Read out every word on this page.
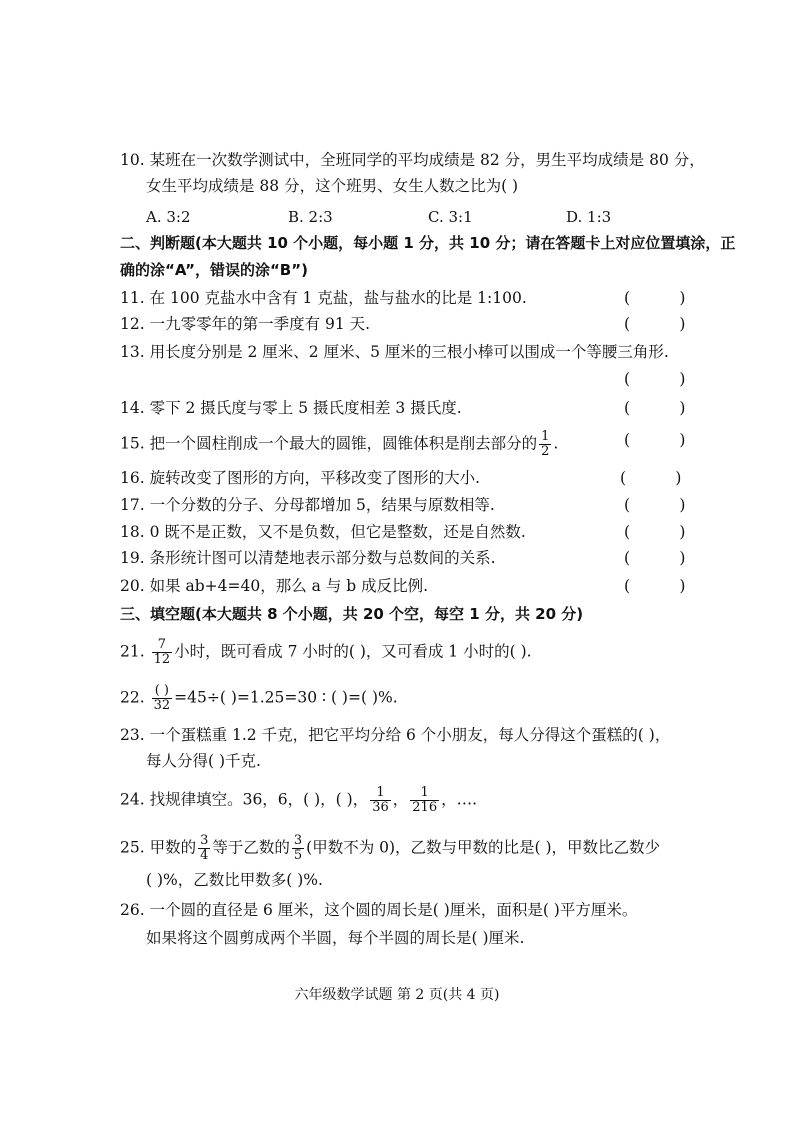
10. 某班在一次数学测试中，全班同学的平均成绩是 82 分，男生平均成绩是 80 分，
女生平均成绩是 88 分，这个班男、女生人数之比为( )
A. 3:2	B. 2:3	C. 3:1	D. 1:3
二、判断题(本大题共 10 个小题，每小题 1 分，共 10 分；请在答题卡上对应位置填涂，正
确的涂“A”，错误的涂“B”)
11. 在 100 克盐水中含有 1 克盐，盐与盐水的比是 1:100.	(          )
12. 一九零零年的第一季度有 91 天.	(          )
13. 用长度分别是 2 厘米、2 厘米、5 厘米的三根小棒可以围成一个等腰三角形.
(          )
14. 零下 2 摄氏度与零上 5 摄氏度相差 3 摄氏度.	(          )
15. 把一个圆柱削成一个最大的圆锥，圆锥体积是削去部分的 $\frac{1}{2}$ .	(          )
16. 旋转改变了图形的方向，平移改变了图形的大小.	(          )
17. 一个分数的分子、分母都增加 5，结果与原数相等.	(          )
18. 0 既不是正数，又不是负数，但它是整数，还是自然数.	(          )
19. 条形统计图可以清楚地表示部分数与总数间的关系.	(          )
20. 如果 ab+4=40，那么 a 与 b 成反比例.	(          )
三、填空题(本大题共 8 个小题，共 20 个空，每空 1 分，共 20 分)
21. $\frac{7}{12}$ 小时，既可看成 7 小时的( )，又可看成 1 小时的( ).
22. $\frac{( )}{32} =45\div$( )=1.25=30 ∶ ( )=( )%.
23. 一个蛋糕重 1.2 千克，把它平均分给 6 个小朋友，每人分得这个蛋糕的( )，
每人分得( )千克.
24. 找规律填空。36，6，( )，( )， $\frac{1}{36}$ ， $\frac{1}{216}$ ，….
25. 甲数的 $\frac{3}{4}$ 等于乙数的 $\frac{3}{5}$ (甲数不为 0)，乙数与甲数的比是( )，甲数比乙数少
( )%，乙数比甲数多( )%.
26. 一个圆的直径是 6 厘米，这个圆的周长是( )厘米，面积是( )平方厘米。
如果将这个圆剪成两个半圆，每个半圆的周长是( )厘米.
六年级数学试题 第 2 页(共 4 页)
